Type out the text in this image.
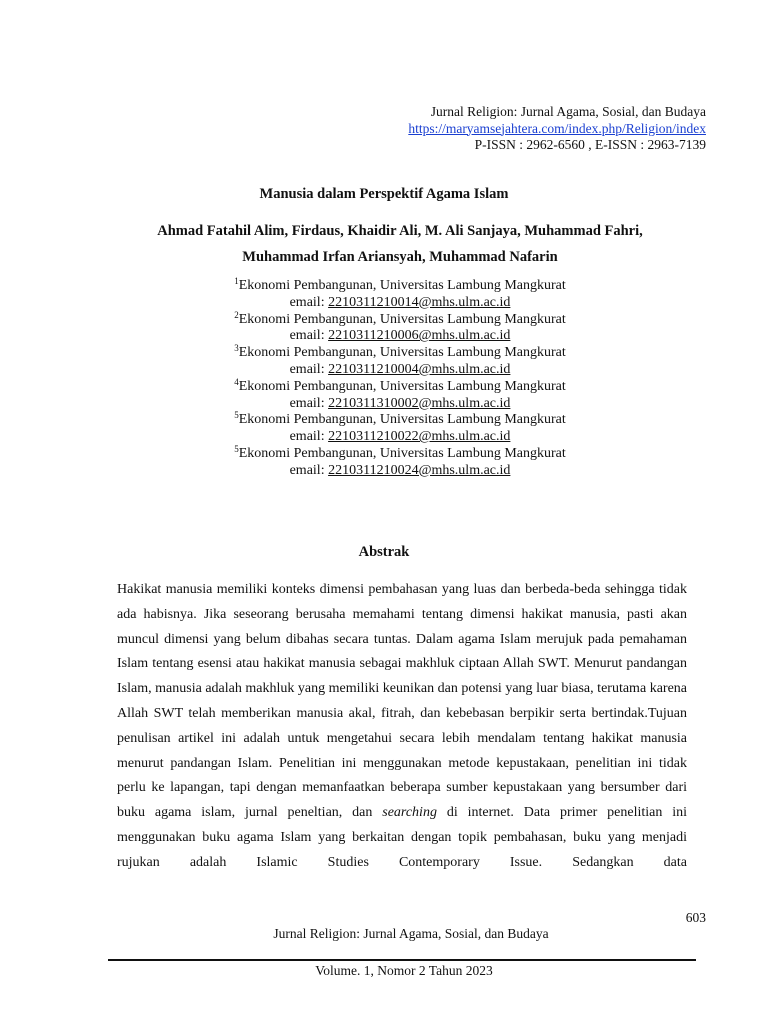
Jurnal Religion: Jurnal Agama, Sosial, dan Budaya
https://maryamsejahtera.com/index.php/Religion/index
P-ISSN : 2962-6560 , E-ISSN : 2963-7139
Manusia dalam Perspektif Agama Islam
Ahmad Fatahil Alim, Firdaus, Khaidir Ali, M. Ali Sanjaya, Muhammad Fahri,
Muhammad Irfan Ariansyah, Muhammad Nafarin
$^1$Ekonomi Pembangunan, Universitas Lambung Mangkurat
email: 2210311210014@mhs.ulm.ac.id
$^2$Ekonomi Pembangunan, Universitas Lambung Mangkurat
email: 2210311210006@mhs.ulm.ac.id
$^3$Ekonomi Pembangunan, Universitas Lambung Mangkurat
email: 2210311210004@mhs.ulm.ac.id
$^4$Ekonomi Pembangunan, Universitas Lambung Mangkurat
email: 2210311310002@mhs.ulm.ac.id
$^5$Ekonomi Pembangunan, Universitas Lambung Mangkurat
email: 2210311210022@mhs.ulm.ac.id
$^5$Ekonomi Pembangunan, Universitas Lambung Mangkurat
email: 2210311210024@mhs.ulm.ac.id
Abstrak
Hakikat manusia memiliki konteks dimensi pembahasan yang luas dan berbeda-beda sehingga tidak ada habisnya. Jika seseorang berusaha memahami tentang dimensi hakikat manusia, pasti akan muncul dimensi yang belum dibahas secara tuntas. Dalam agama Islam merujuk pada pemahaman Islam tentang esensi atau hakikat manusia sebagai makhluk ciptaan Allah SWT. Menurut pandangan Islam, manusia adalah makhluk yang memiliki keunikan dan potensi yang luar biasa, terutama karena Allah SWT telah memberikan manusia akal, fitrah, dan kebebasan berpikir serta bertindak.Tujuan penulisan artikel ini adalah untuk mengetahui secara lebih mendalam tentang hakikat manusia menurut pandangan Islam. Penelitian ini menggunakan metode kepustakaan, penelitian ini tidak perlu ke lapangan, tapi dengan memanfaatkan beberapa sumber kepustakaan yang bersumber dari buku agama islam, jurnal peneltian, dan searching di internet. Data primer penelitian ini menggunakan buku agama Islam yang berkaitan dengan topik pembahasan, buku yang menjadi rujukan adalah Islamic Studies Contemporary Issue. Sedangkan data
603
Jurnal Religion: Jurnal Agama, Sosial, dan Budaya
Volume. 1, Nomor 2 Tahun 2023
